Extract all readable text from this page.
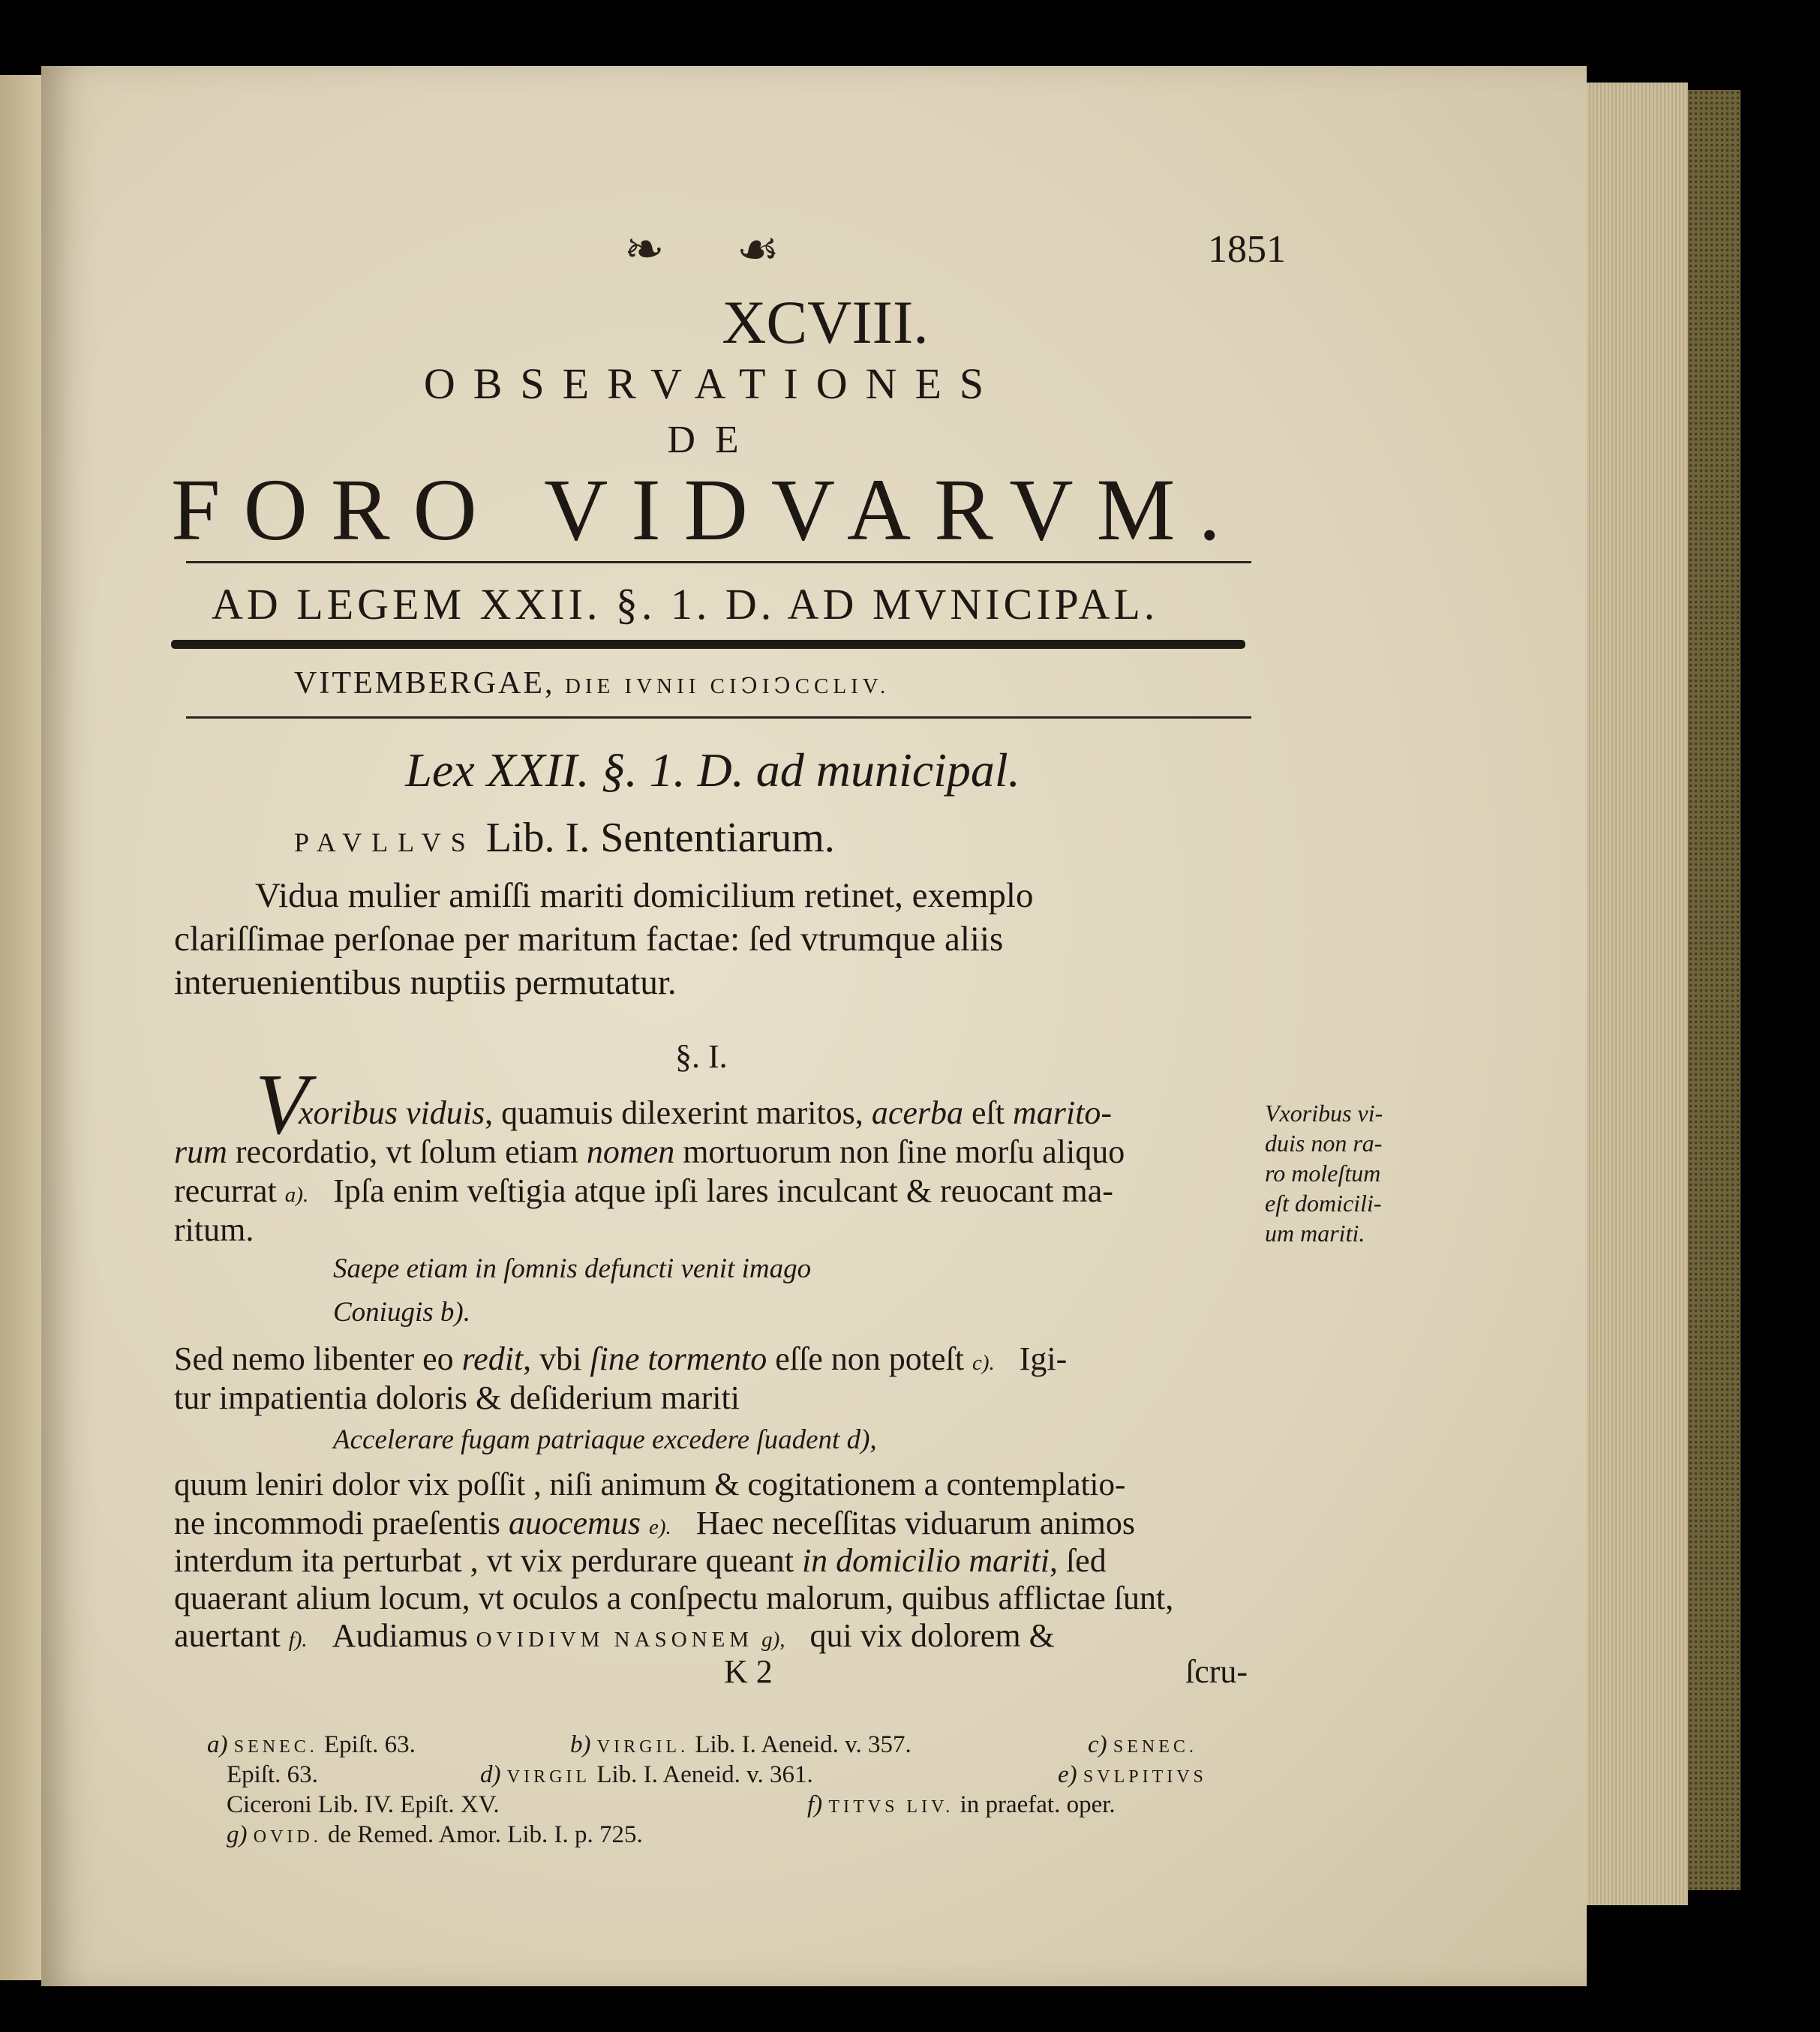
❧ ☙	1851
XCVIII.
OBSERVATIONES
DE
FORO VIDVARVM.
AD LEGEM XXII. §. 1. D. AD MVNICIPAL.
VITEMBERGAE, DIE IVNII CIↃIↃCCLIV.
Lex XXII. §. 1. D. ad municipal.
PAVLLVS Lib. I. Sententiarum.
Vidua mulier amiſſi mariti domicilium retinet, exemplo
clariſſimae perſonae per maritum factae: ſed vtrumque aliis
interuenientibus nuptiis permutatur.
§. I.
V
xoribus viduis, quamuis dilexerint maritos, acerba eſt marito-
rum recordatio, vt ſolum etiam nomen mortuorum non ſine morſu aliquo
recurrat a). Ipſa enim veſtigia atque ipſi lares inculcant & reuocant ma-
ritum.
Saepe etiam in ſomnis defuncti venit imago
Coniugis b).
Sed nemo libenter eo redit, vbi ſine tormento eſſe non poteſt c). Igi-
tur impatientia doloris & deſiderium mariti
Accelerare fugam patriaque excedere ſuadent d),
quum leniri dolor vix poſſit , niſi animum & cogitationem a contemplatio-
ne incommodi praeſentis auocemus e). Haec neceſſitas viduarum animos
interdum ita perturbat , vt vix perdurare queant in domicilio mariti, ſed
quaerant alium locum, vt oculos a conſpectu malorum, quibus afflictae ſunt,
auertant f). Audiamus OVIDIVM NASONEM g), qui vix dolorem &
K 2	ſcru-
Vxoribus vi-
duis non ra-
ro moleſtum
eſt domicili-
um mariti.
a) SENEC. Epiſt. 63.	b) VIRGIL. Lib. I. Aeneid. v. 357.	c) SENEC.
Epiſt. 63.	d) VIRGIL Lib. I. Aeneid. v. 361.	e) SVLPITIVS
Ciceroni Lib. IV. Epiſt. XV.	f) TITVS LIV. in praefat. oper.
g) OVID. de Remed. Amor. Lib. I. p. 725.
